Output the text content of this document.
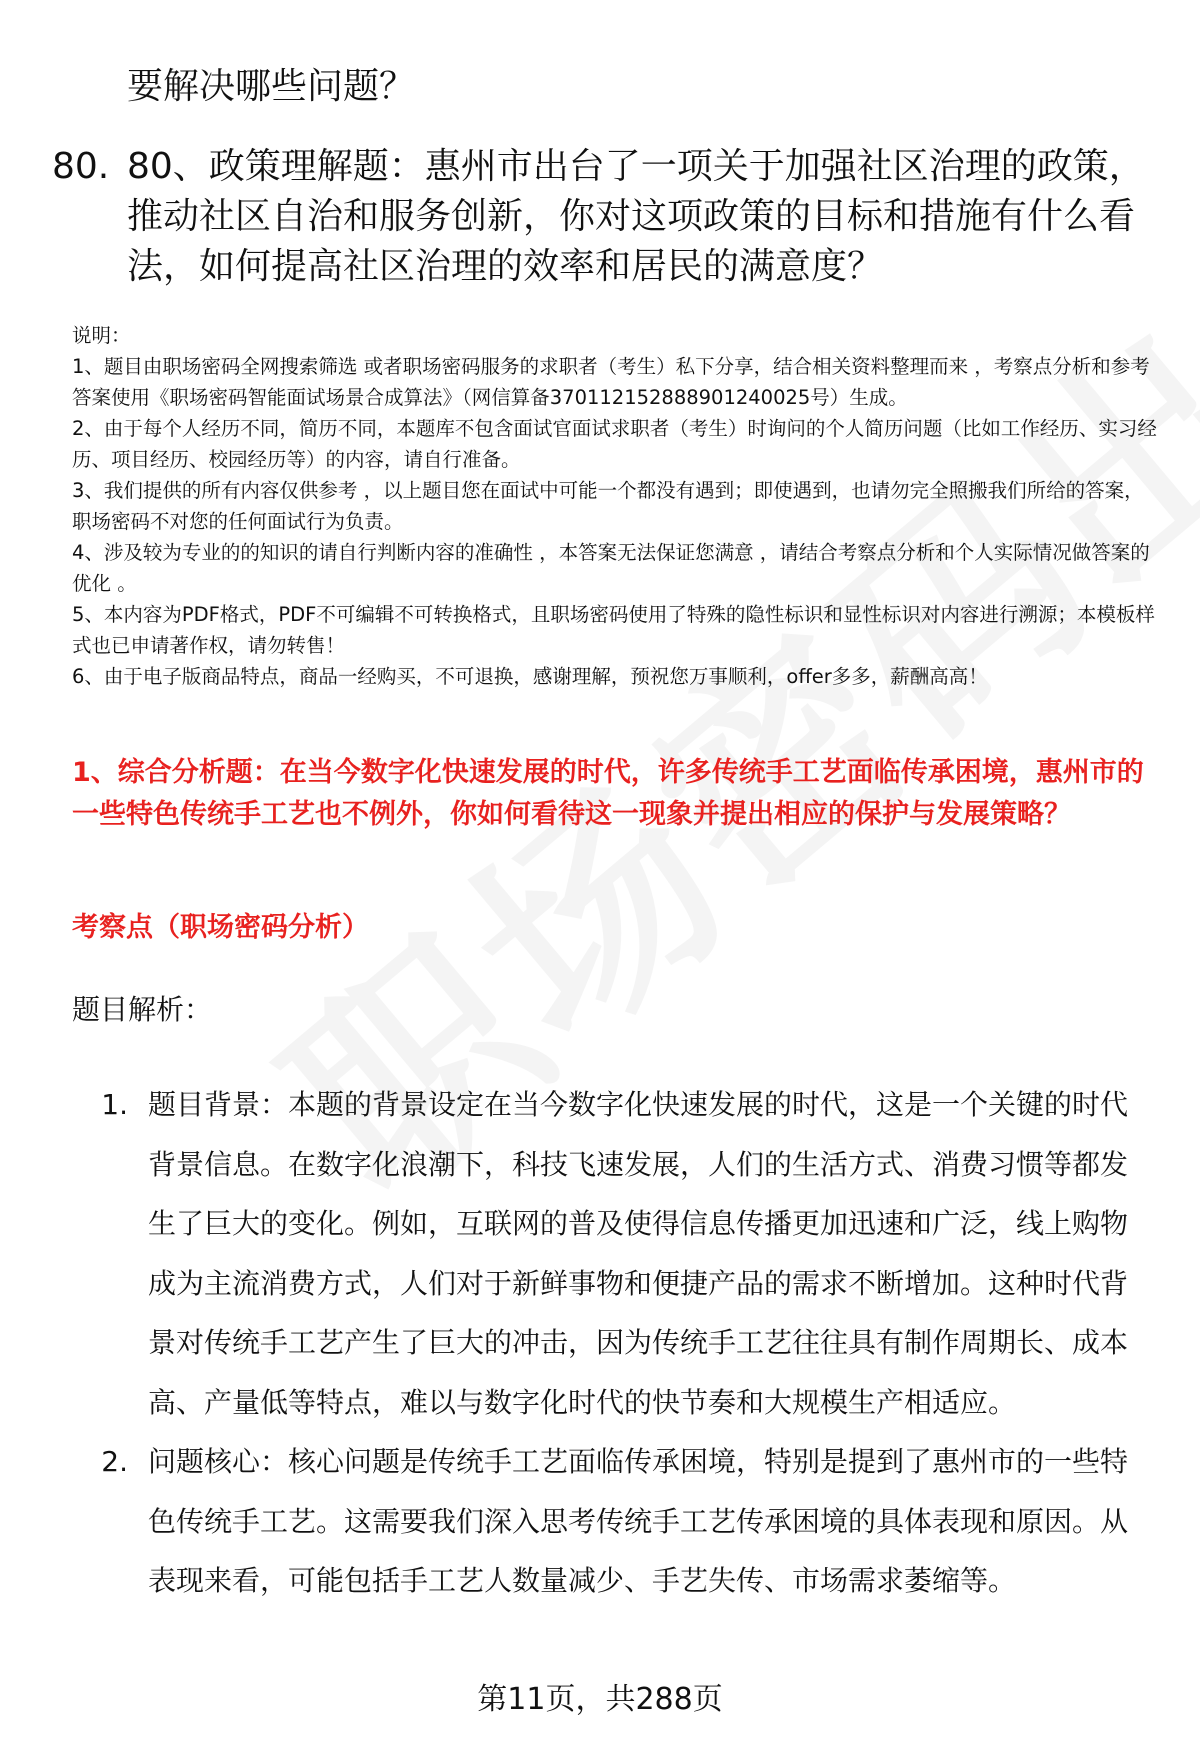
要解决哪些问题？
80. 80、政策理解题：惠州市出台了一项关于加强社区治理的政策，推动社区自治和服务创新，你对这项政策的目标和措施有什么看法，如何提高社区治理的效率和居民的满意度？
说明：
1、题目由职场密码全网搜索筛选 或者职场密码服务的求职者（考生）私下分享，结合相关资料整理而来 ，考察点分析和参考答案使用《职场密码智能面试场景合成算法》（网信算备370112152888901240025号）生成。
2、由于每个人经历不同，简历不同，本题库不包含面试官面试求职者（考生）时询问的个人简历问题（比如工作经历、实习经历、项目经历、校园经历等）的内容，请自行准备。
3、我们提供的所有内容仅供参考 ，以上题目您在面试中可能一个都没有遇到；即使遇到，也请勿完全照搬我们所给的答案，职场密码不对您的任何面试行为负责。
4、涉及较为专业的的知识的请自行判断内容的准确性 ，本答案无法保证您满意 ，请结合考察点分析和个人实际情况做答案的优化 。
5、本内容为PDF格式，PDF不可编辑不可转换格式，且职场密码使用了特殊的隐性标识和显性标识对内容进行溯源；本模板样式也已申请著作权，请勿转售！
6、由于电子版商品特点，商品一经购买，不可退换，感谢理解，预祝您万事顺利，offer多多，薪酬高高！
1、综合分析题：在当今数字化快速发展的时代，许多传统手工艺面临传承困境，惠州市的一些特色传统手工艺也不例外，你如何看待这一现象并提出相应的保护与发展策略？
考察点（职场密码分析）
题目解析：
1. 题目背景：本题的背景设定在当今数字化快速发展的时代，这是一个关键的时代背景信息。在数字化浪潮下，科技飞速发展，人们的生活方式、消费习惯等都发生了巨大的变化。例如，互联网的普及使得信息传播更加迅速和广泛，线上购物成为主流消费方式，人们对于新鲜事物和便捷产品的需求不断增加。这种时代背景对传统手工艺产生了巨大的冲击，因为传统手工艺往往具有制作周期长、成本高、产量低等特点，难以与数字化时代的快节奏和大规模生产相适应。
2. 问题核心：核心问题是传统手工艺面临传承困境，特别是提到了惠州市的一些特色传统手工艺。这需要我们深入思考传统手工艺传承困境的具体表现和原因。从表现来看，可能包括手工艺人数量减少、手艺失传、市场需求萎缩等。
第11页，共288页
